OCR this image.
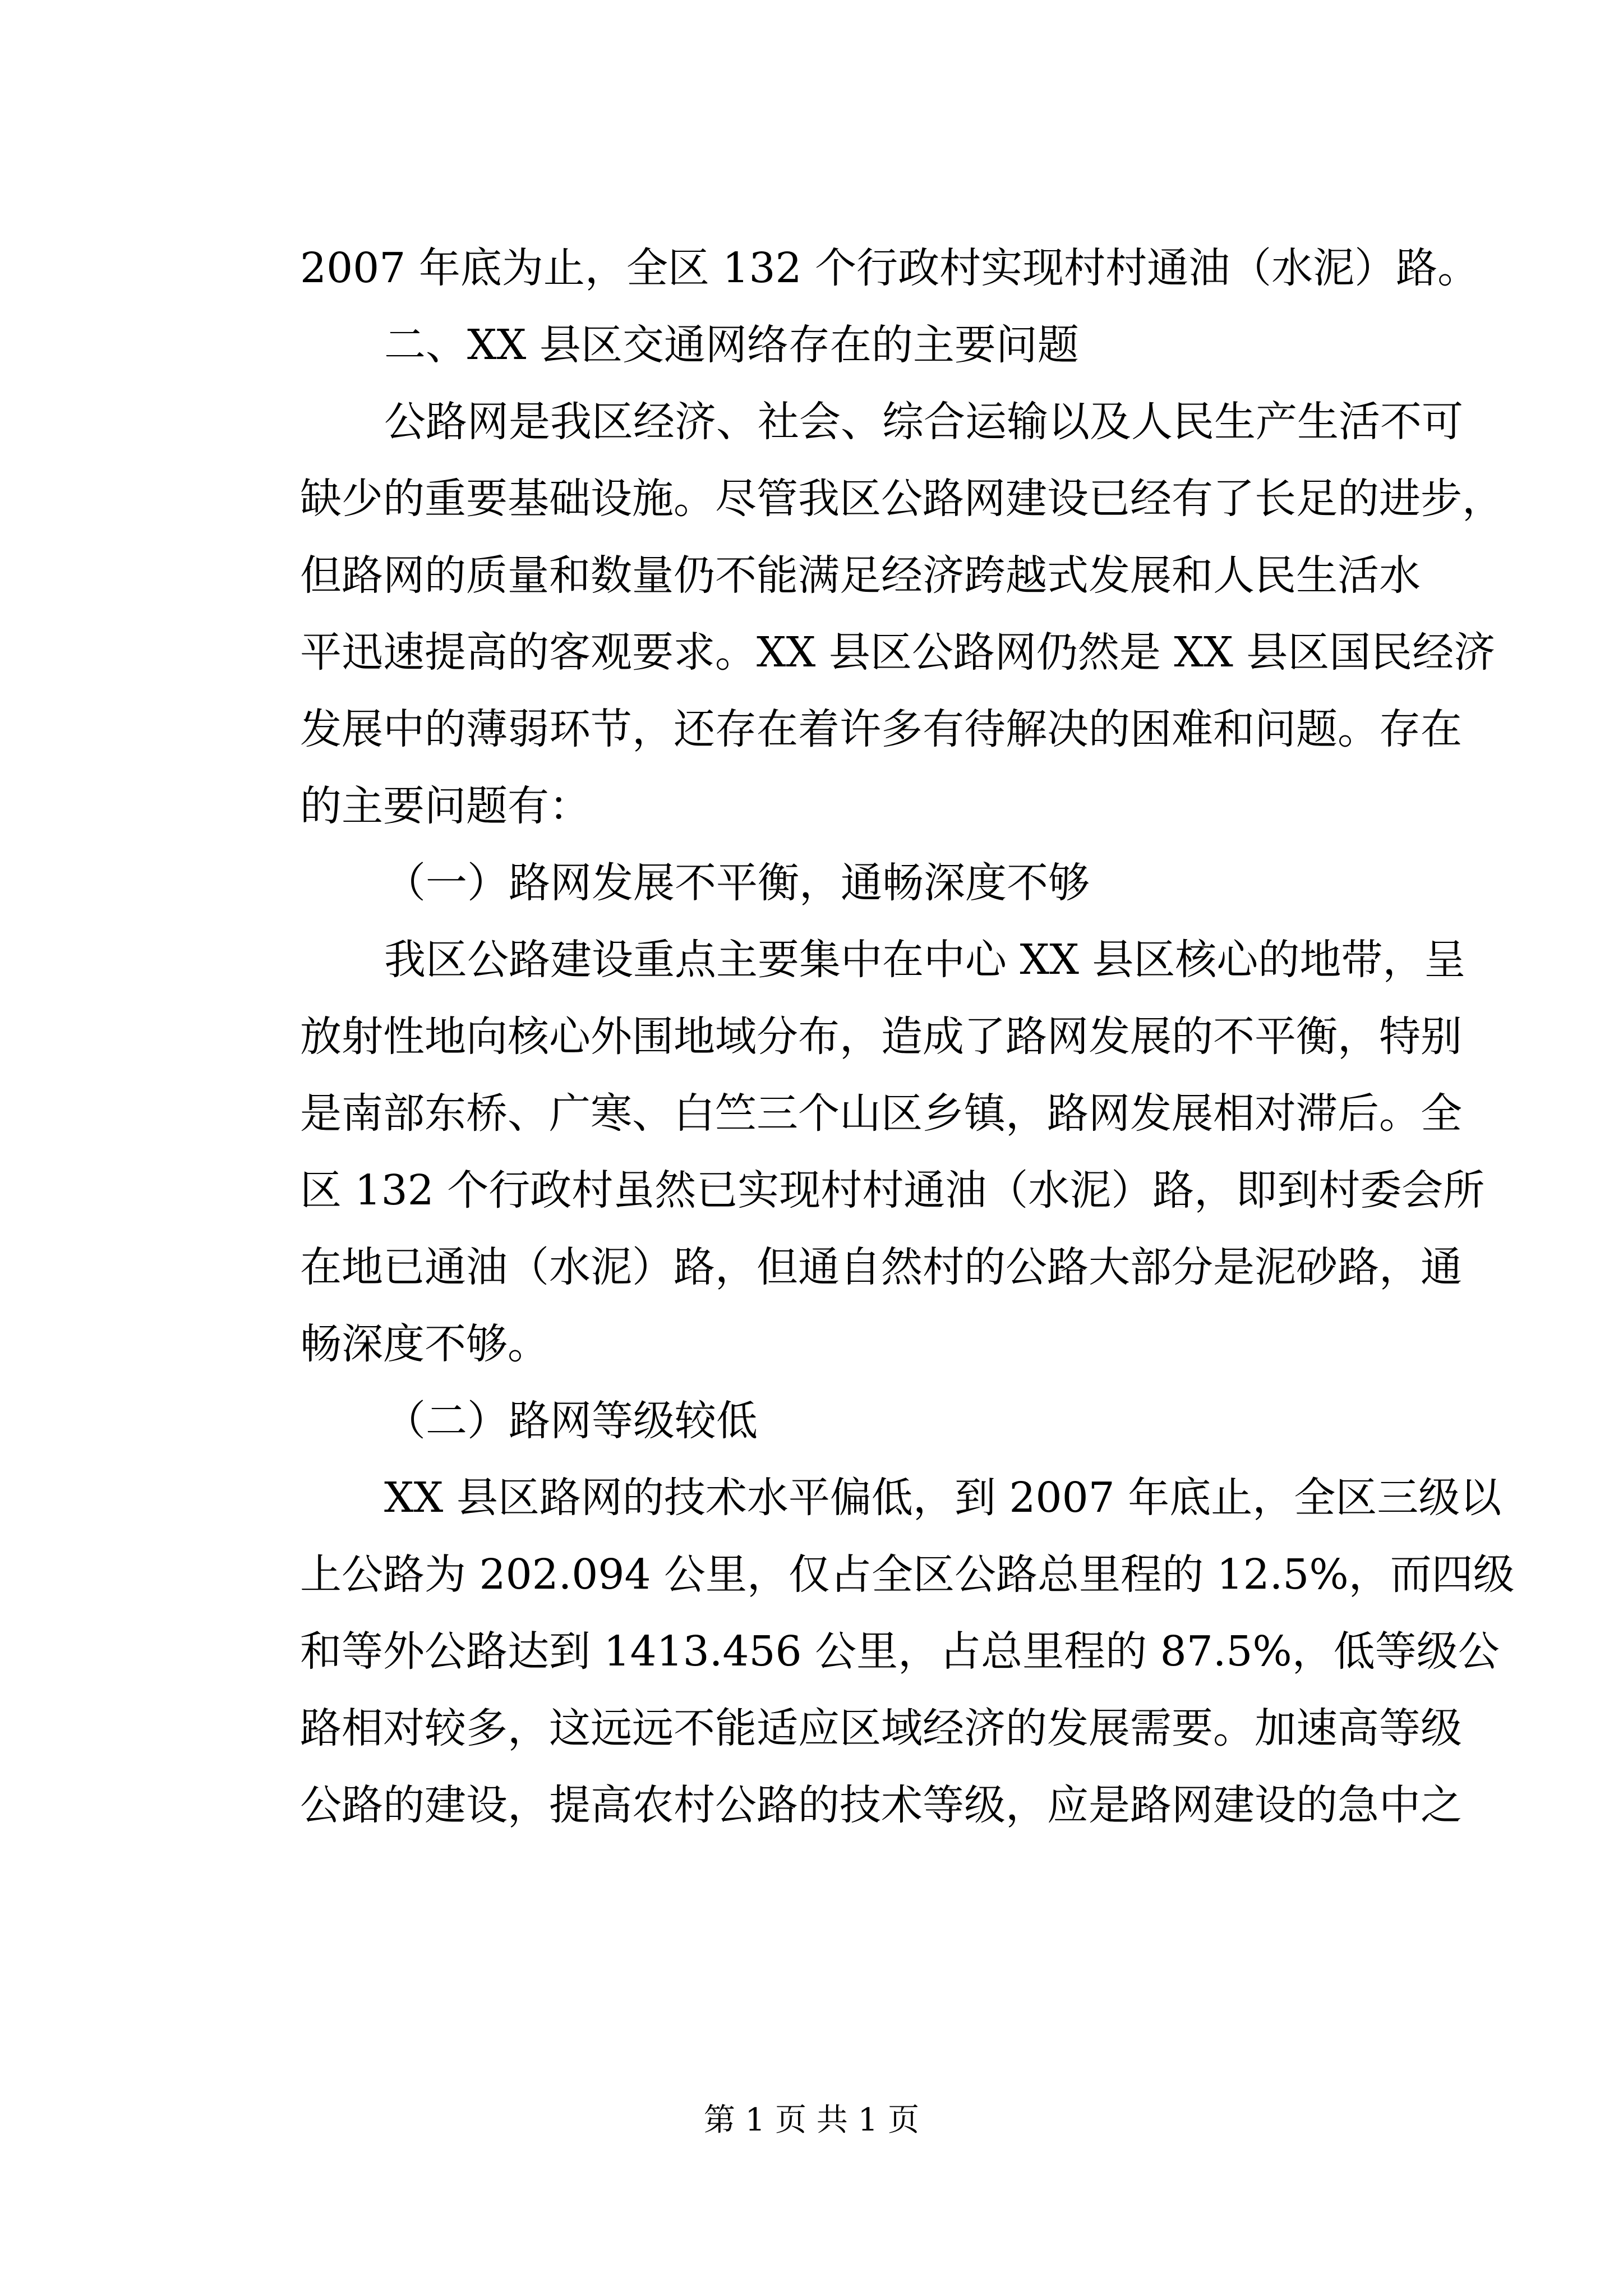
2007 年底为止，全区 132 个行政村实现村村通油（水泥）路。
二、XX 县区交通网络存在的主要问题
公路网是我区经济、社会、综合运输以及人民生产生活不可
缺少的重要基础设施。尽管我区公路网建设已经有了长足的进步，
但路网的质量和数量仍不能满足经济跨越式发展和人民生活水
平迅速提高的客观要求。XX 县区公路网仍然是 XX 县区国民经济
发展中的薄弱环节，还存在着许多有待解决的困难和问题。存在
的主要问题有：
（一）路网发展不平衡，通畅深度不够
我区公路建设重点主要集中在中心 XX 县区核心的地带，呈
放射性地向核心外围地域分布，造成了路网发展的不平衡，特别
是南部东桥、广寒、白竺三个山区乡镇，路网发展相对滞后。全
区 132 个行政村虽然已实现村村通油（水泥）路，即到村委会所
在地已通油（水泥）路，但通自然村的公路大部分是泥砂路，通
畅深度不够。
（二）路网等级较低
XX 县区路网的技术水平偏低，到 2007 年底止，全区三级以
上公路为 202.094 公里，仅占全区公路总里程的 12.5%，而四级
和等外公路达到 1413.456 公里，占总里程的 87.5%，低等级公
路相对较多，这远远不能适应区域经济的发展需要。加速高等级
公路的建设，提高农村公路的技术等级，应是路网建设的急中之
第 1 页 共 1 页
